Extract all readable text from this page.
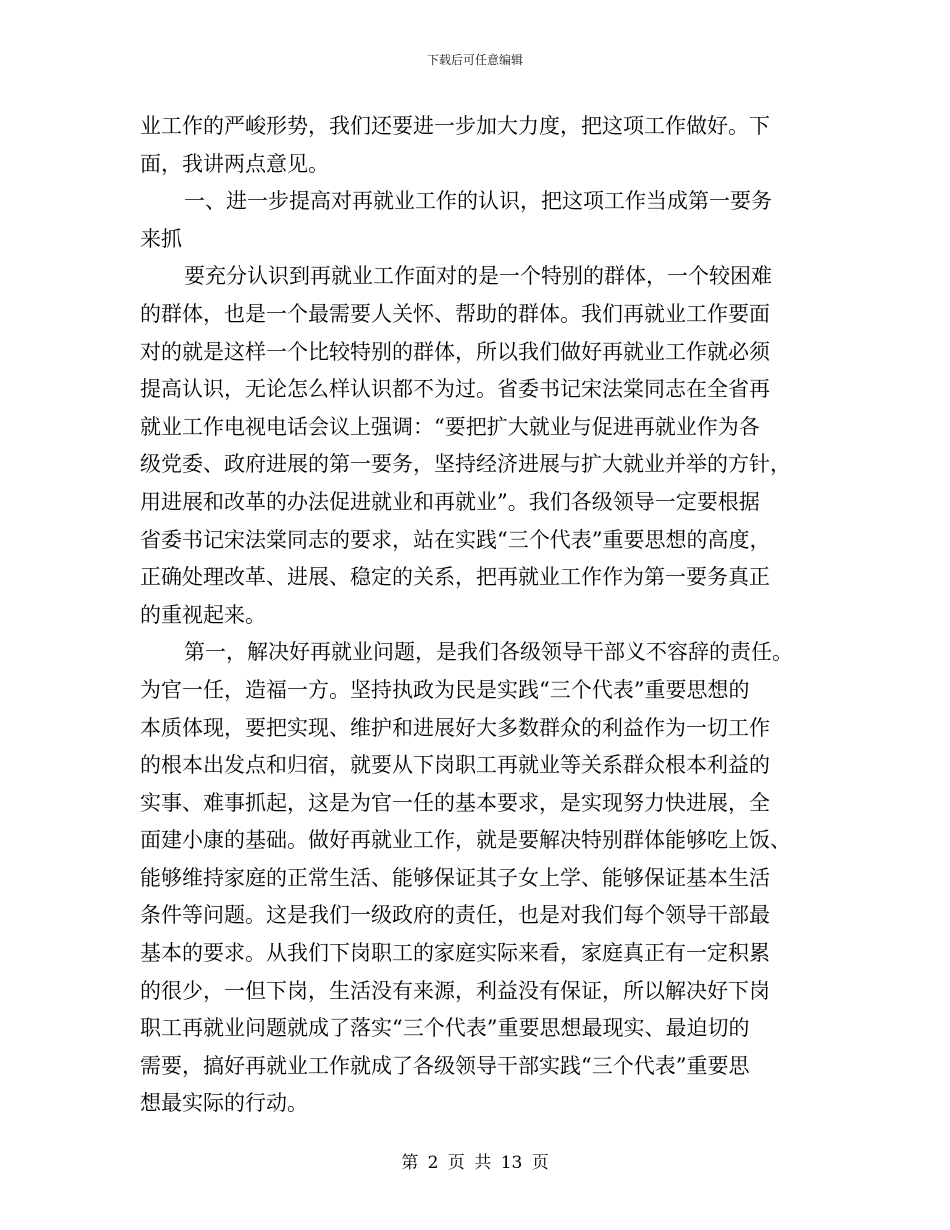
下载后可任意编辑
业工作的严峻形势，我们还要进一步加大力度，把这项工作做好。下
面，我讲两点意见。
一、进一步提高对再就业工作的认识，把这项工作当成第一要务
来抓
要充分认识到再就业工作面对的是一个特别的群体，一个较困难
的群体，也是一个最需要人关怀、帮助的群体。我们再就业工作要面
对的就是这样一个比较特别的群体，所以我们做好再就业工作就必须
提高认识，无论怎么样认识都不为过。省委书记宋法棠同志在全省再
就业工作电视电话会议上强调：“要把扩大就业与促进再就业作为各
级党委、政府进展的第一要务，坚持经济进展与扩大就业并举的方针，
用进展和改革的办法促进就业和再就业”。我们各级领导一定要根据
省委书记宋法棠同志的要求，站在实践“三个代表”重要思想的高度，
正确处理改革、进展、稳定的关系，把再就业工作作为第一要务真正
的重视起来。
第一，解决好再就业问题，是我们各级领导干部义不容辞的责任。
为官一任，造福一方。坚持执政为民是实践“三个代表”重要思想的
本质体现，要把实现、维护和进展好大多数群众的利益作为一切工作
的根本出发点和归宿，就要从下岗职工再就业等关系群众根本利益的
实事、难事抓起，这是为官一任的基本要求，是实现努力快进展，全
面建小康的基础。做好再就业工作，就是要解决特别群体能够吃上饭、
能够维持家庭的正常生活、能够保证其子女上学、能够保证基本生活
条件等问题。这是我们一级政府的责任，也是对我们每个领导干部最
基本的要求。从我们下岗职工的家庭实际来看，家庭真正有一定积累
的很少，一但下岗，生活没有来源，利益没有保证，所以解决好下岗
职工再就业问题就成了落实“三个代表”重要思想最现实、最迫切的
需要，搞好再就业工作就成了各级领导干部实践“三个代表”重要思
想最实际的行动。
第 2 页 共 13 页
